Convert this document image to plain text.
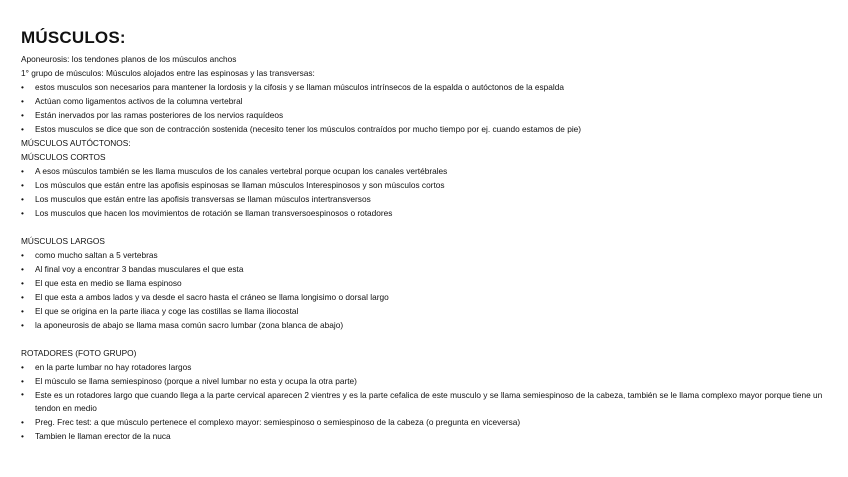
MÚSCULOS:
Aponeurosis: los tendones planos de los músculos anchos
1° grupo de músculos: Músculos alojados entre las espinosas y las transversas:
• estos musculos son necesarios para mantener la lordosis y la cifosis y se llaman músculos intrínsecos de la espalda o autóctonos de la espalda
• Actúan como ligamentos activos de la columna vertebral
• Están inervados por las ramas posteriores de los nervios raquídeos
• Estos musculos se dice que son de contracción sostenida (necesito tener los músculos contraídos por mucho tiempo por ej. cuando estamos de pie)
MÚSCULOS AUTÓCTONOS:
MÚSCULOS CORTOS
• A esos músculos también se les llama musculos de los canales vertebral porque ocupan los canales vertébrales
• Los músculos que están entre las apofisis espinosas se llaman músculos Interespinosos y son músculos cortos
• Los musculos que están entre las apofisis transversas se llaman músculos intertransversos
• Los musculos que hacen los movimientos de rotación se llaman transversoespinosos o rotadores
MÚSCULOS LARGOS
• como mucho saltan a 5 vertebras
• Al final voy a encontrar 3 bandas musculares el que esta
• El que esta en medio se llama espinoso
• El que esta a ambos lados y va desde el sacro hasta el cráneo se llama longisimo o dorsal largo
• El que se origina en la parte iliaca y coge las costillas se llama iliocostal
• la aponeurosis de abajo se llama masa común sacro lumbar (zona blanca de abajo)
ROTADORES (FOTO GRUPO)
• en la parte lumbar no hay rotadores largos
• El músculo se llama semiespinoso (porque a nivel lumbar no esta y ocupa la otra parte)
• Este es un rotadores largo que cuando llega a la parte cervical aparecen 2 vientres y es la parte cefalica de este musculo y se llama semiespinoso de la cabeza, también se le llama complexo mayor porque tiene un tendon en medio
• Preg. Frec test: a que músculo pertenece el complexo mayor: semiespinoso o semiespinoso de la cabeza (o pregunta en viceversa)
• Tambien le llaman erector de la nuca
